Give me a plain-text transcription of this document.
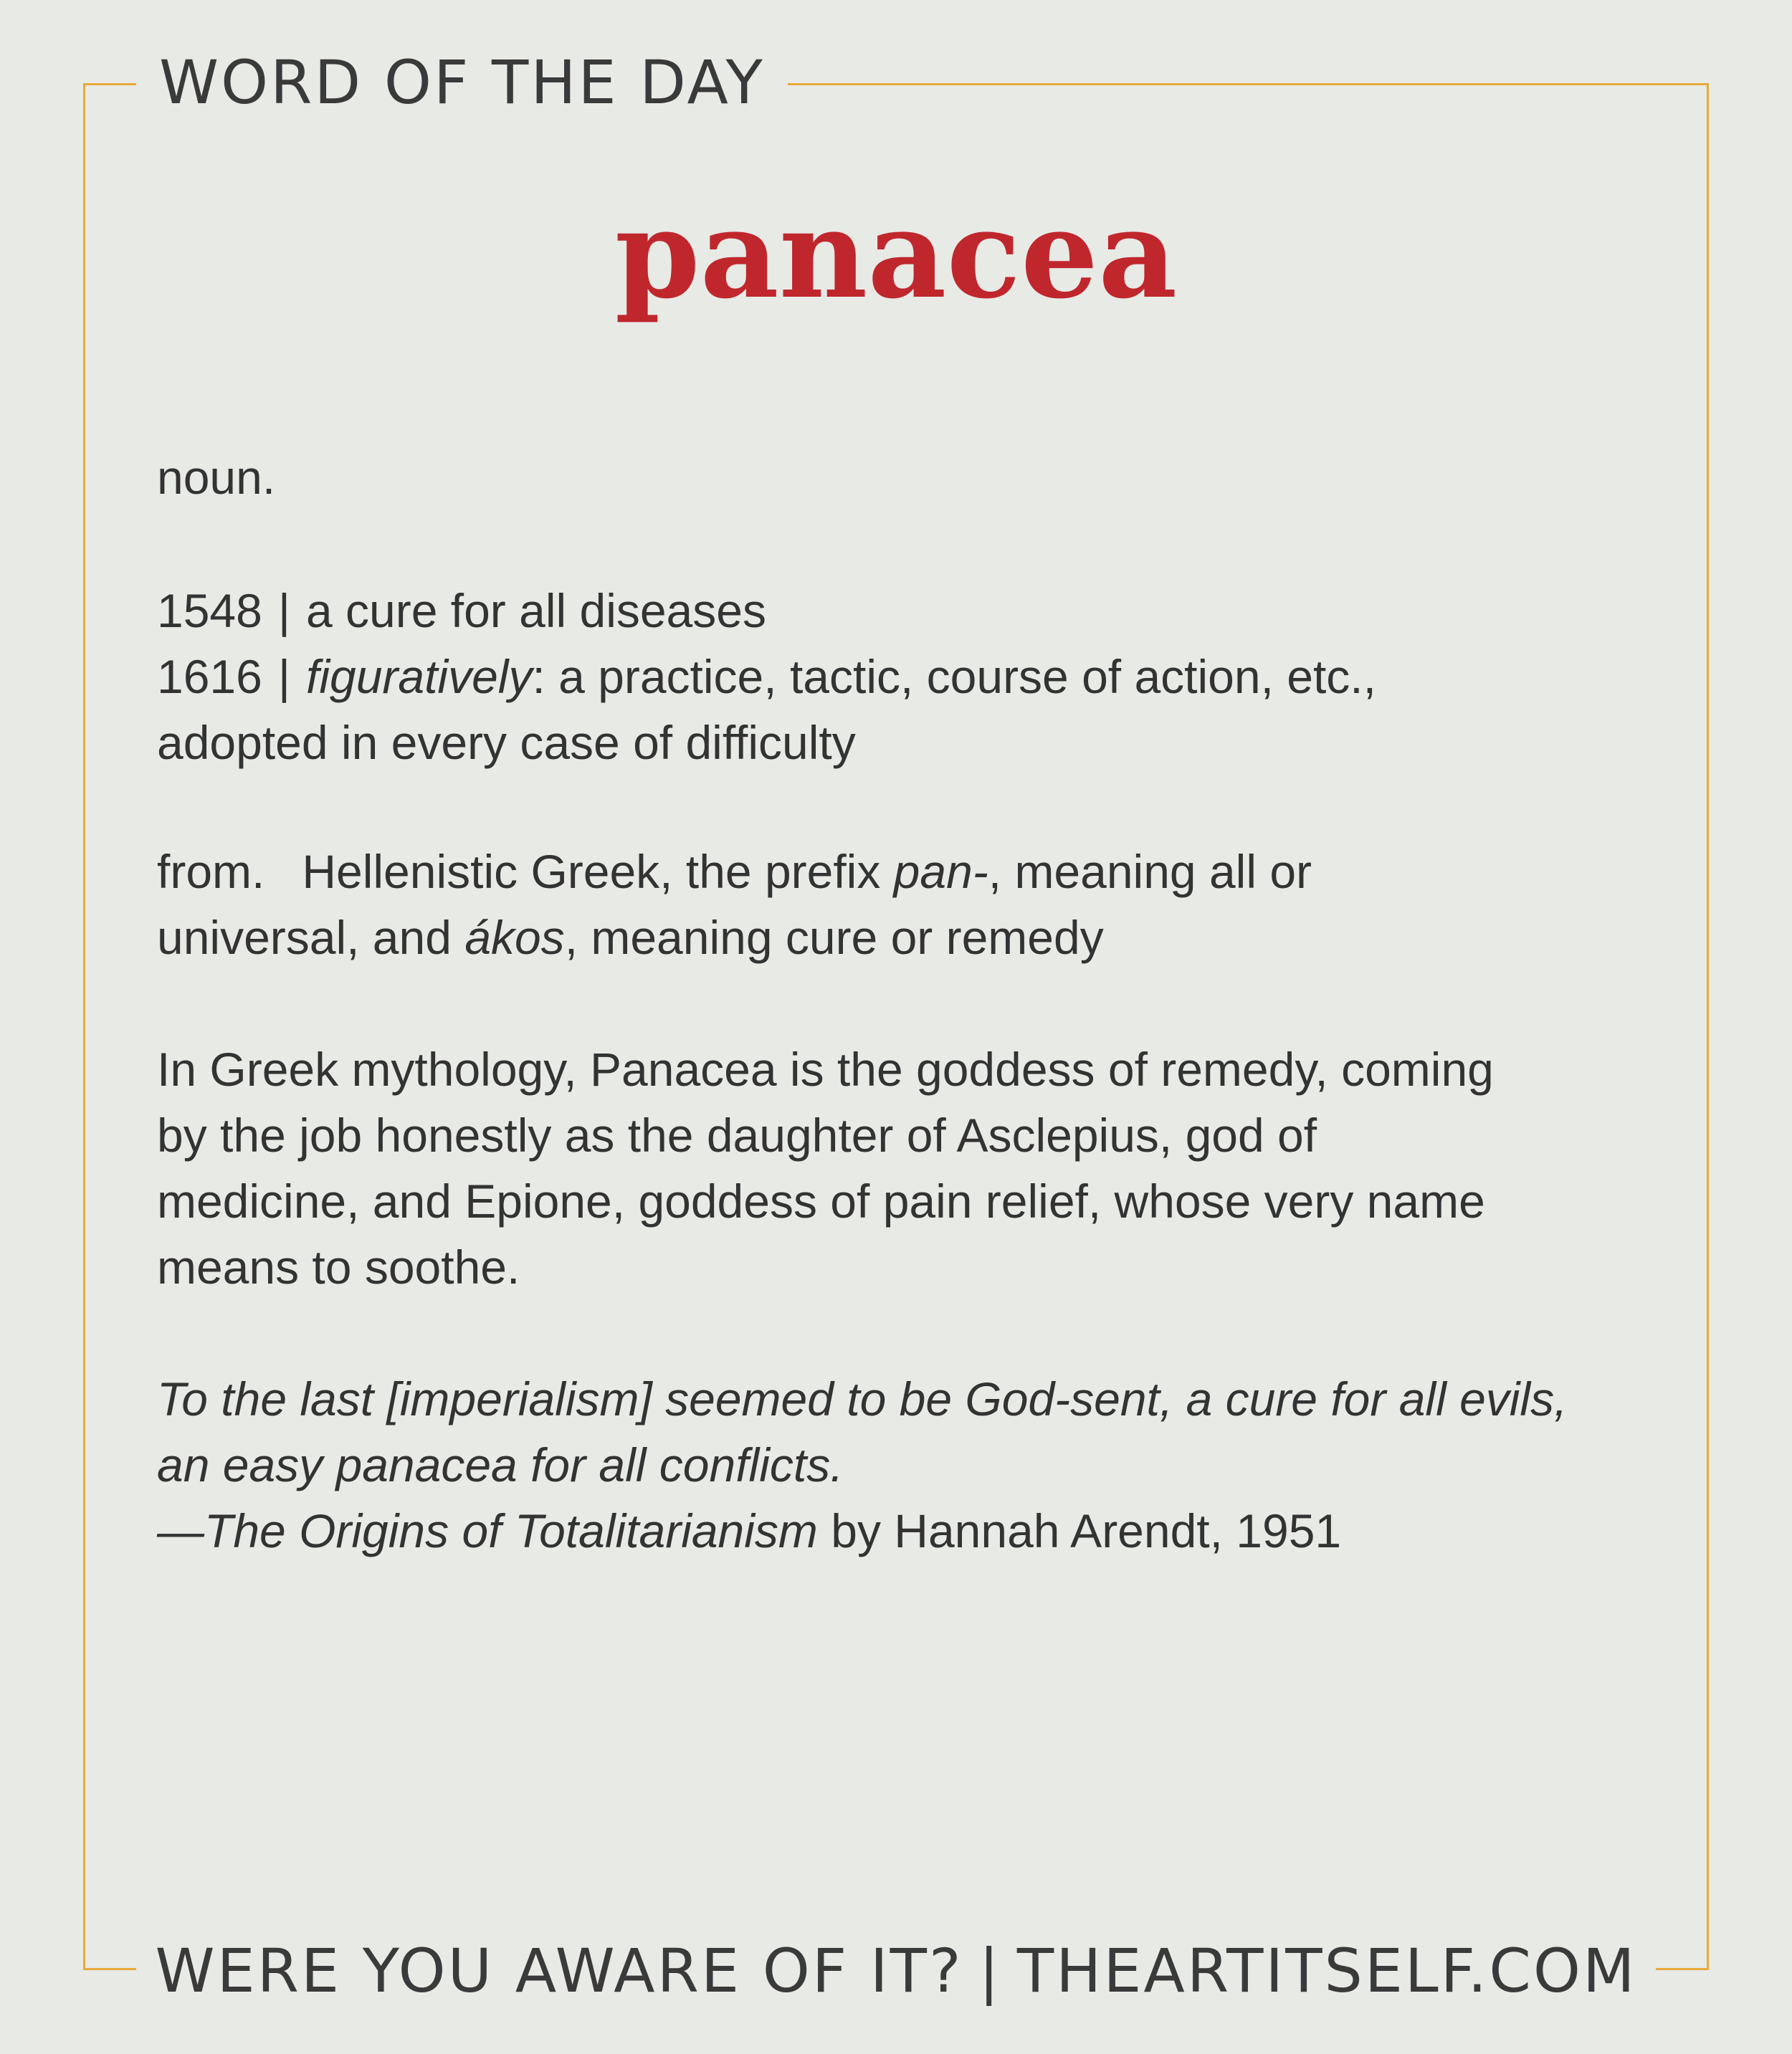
WORD OF THE DAY
panacea
noun.
1548 | a cure for all diseases
1616 | figuratively: a practice, tactic, course of action, etc.,
adopted in every case of difficulty
from. Hellenistic Greek, the prefix pan-, meaning all or
universal, and ákos, meaning cure or remedy
In Greek mythology, Panacea is the goddess of remedy, coming
by the job honestly as the daughter of Asclepius, god of
medicine, and Epione, goddess of pain relief, whose very name
means to soothe.
To the last [imperialism] seemed to be God-sent, a cure for all evils,
an easy panacea for all conflicts.
—The Origins of Totalitarianism by Hannah Arendt, 1951
WERE YOU AWARE OF IT? | THEARTITSELF.COM
